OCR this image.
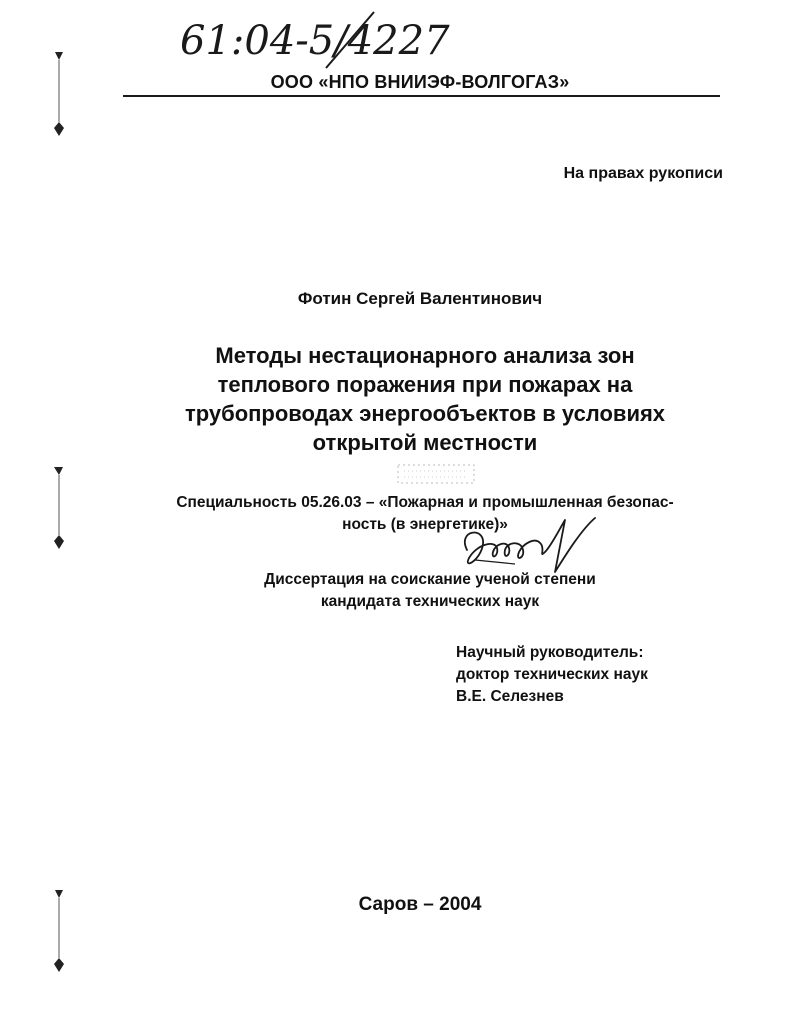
61:04-5/4227
ООО «НПО ВНИИЭФ-ВОЛГОГАЗ»
На правах рукописи
Фотин Сергей Валентинович
Методы нестационарного анализа зон
теплового поражения при пожарах на
трубопроводах энергообъектов в условиях
открытой местности
Специальность 05.26.03 – «Пожарная и промышленная безопас-
ность (в энергетике)»
Диссертация на соискание ученой степени
кандидата технических наук
Научный руководитель:
доктор технических наук
В.Е. Селезнев
Саров – 2004
